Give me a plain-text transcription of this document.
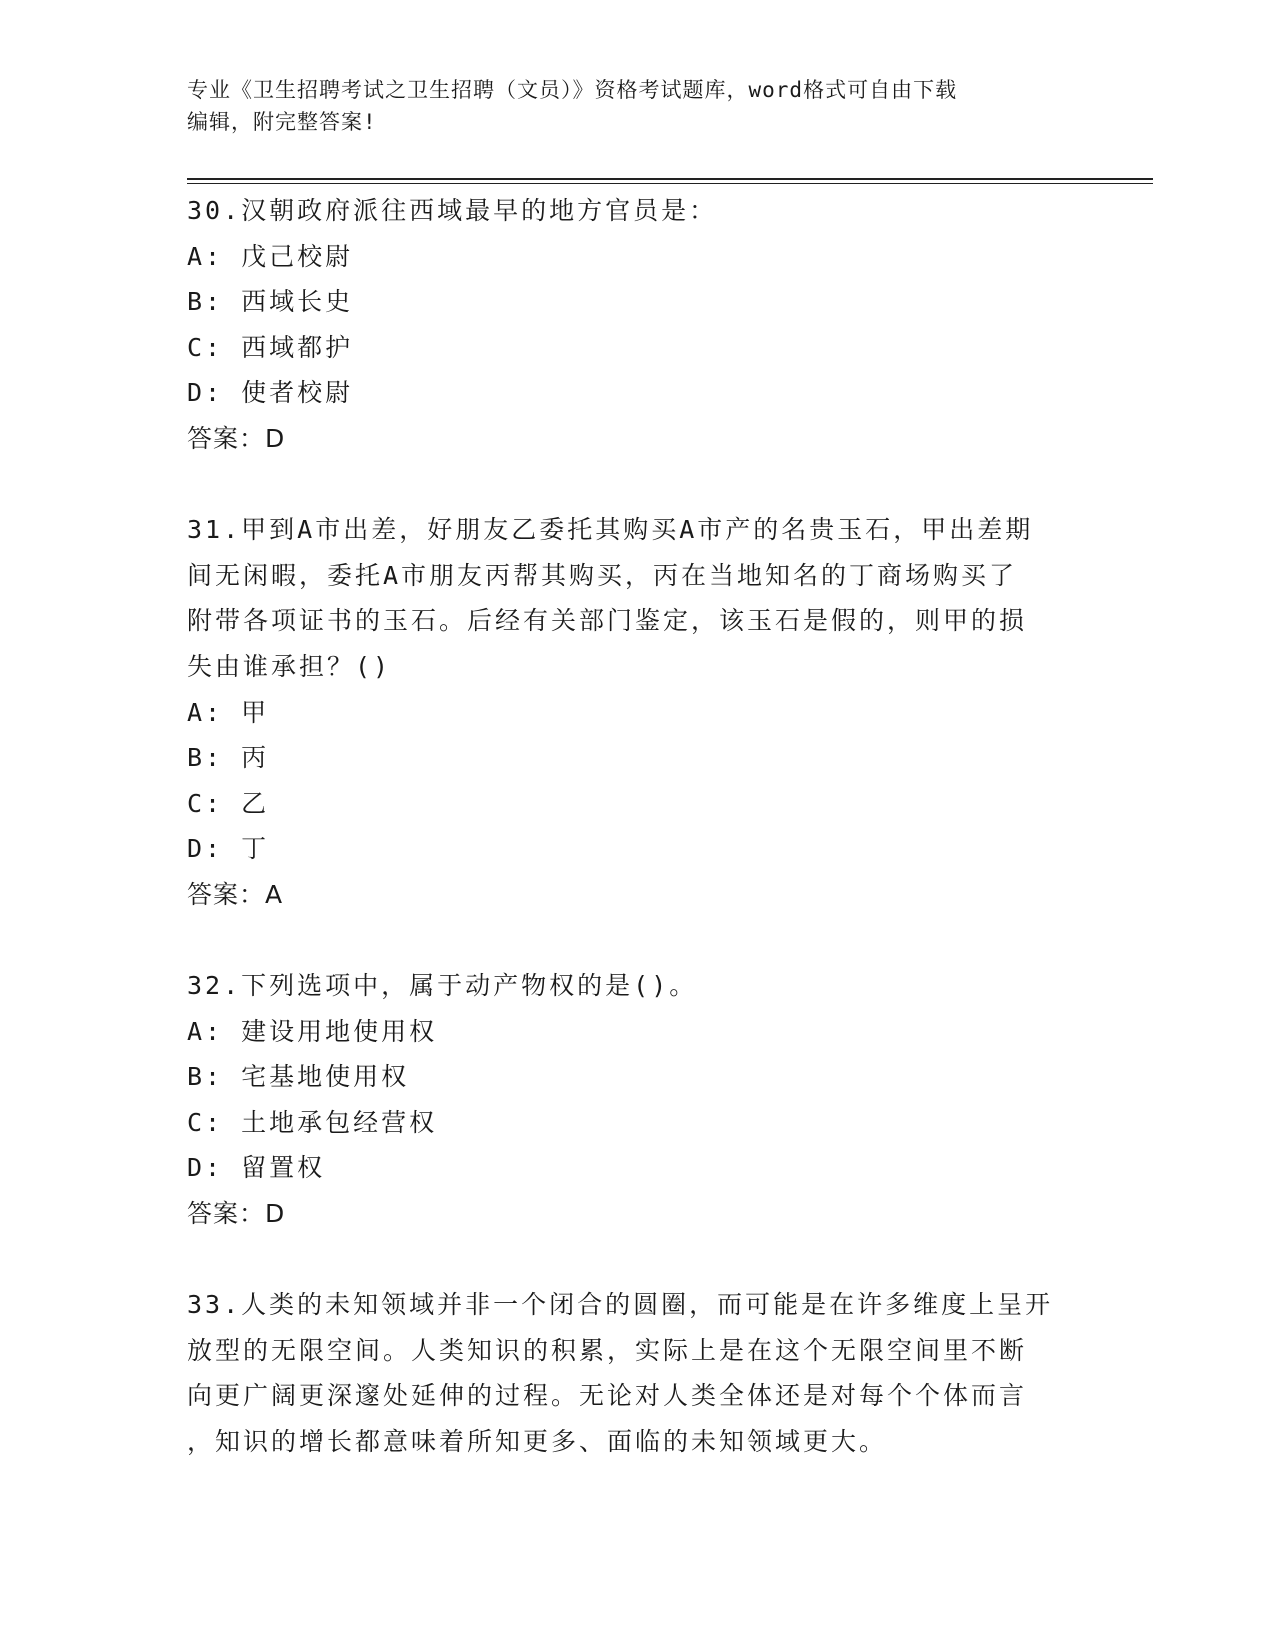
专业《卫生招聘考试之卫生招聘（文员）》资格考试题库，word格式可自由下载
编辑，附完整答案!
30.汉朝政府派往西域最早的地方官员是：
A: 戊己校尉
B: 西域长史
C: 西域都护
D: 使者校尉
答案：D
31.甲到A市出差，好朋友乙委托其购买A市产的名贵玉石，甲出差期
间无闲暇，委托A市朋友丙帮其购买，丙在当地知名的丁商场购买了
附带各项证书的玉石。后经有关部门鉴定，该玉石是假的，则甲的损
失由谁承担？()
A: 甲
B: 丙
C: 乙
D: 丁
答案：A
32.下列选项中，属于动产物权的是()。
A: 建设用地使用权
B: 宅基地使用权
C: 土地承包经营权
D: 留置权
答案：D
33.人类的未知领域并非一个闭合的圆圈，而可能是在许多维度上呈开
放型的无限空间。人类知识的积累，实际上是在这个无限空间里不断
向更广阔更深邃处延伸的过程。无论对人类全体还是对每个个体而言
，知识的增长都意味着所知更多、面临的未知领域更大。
